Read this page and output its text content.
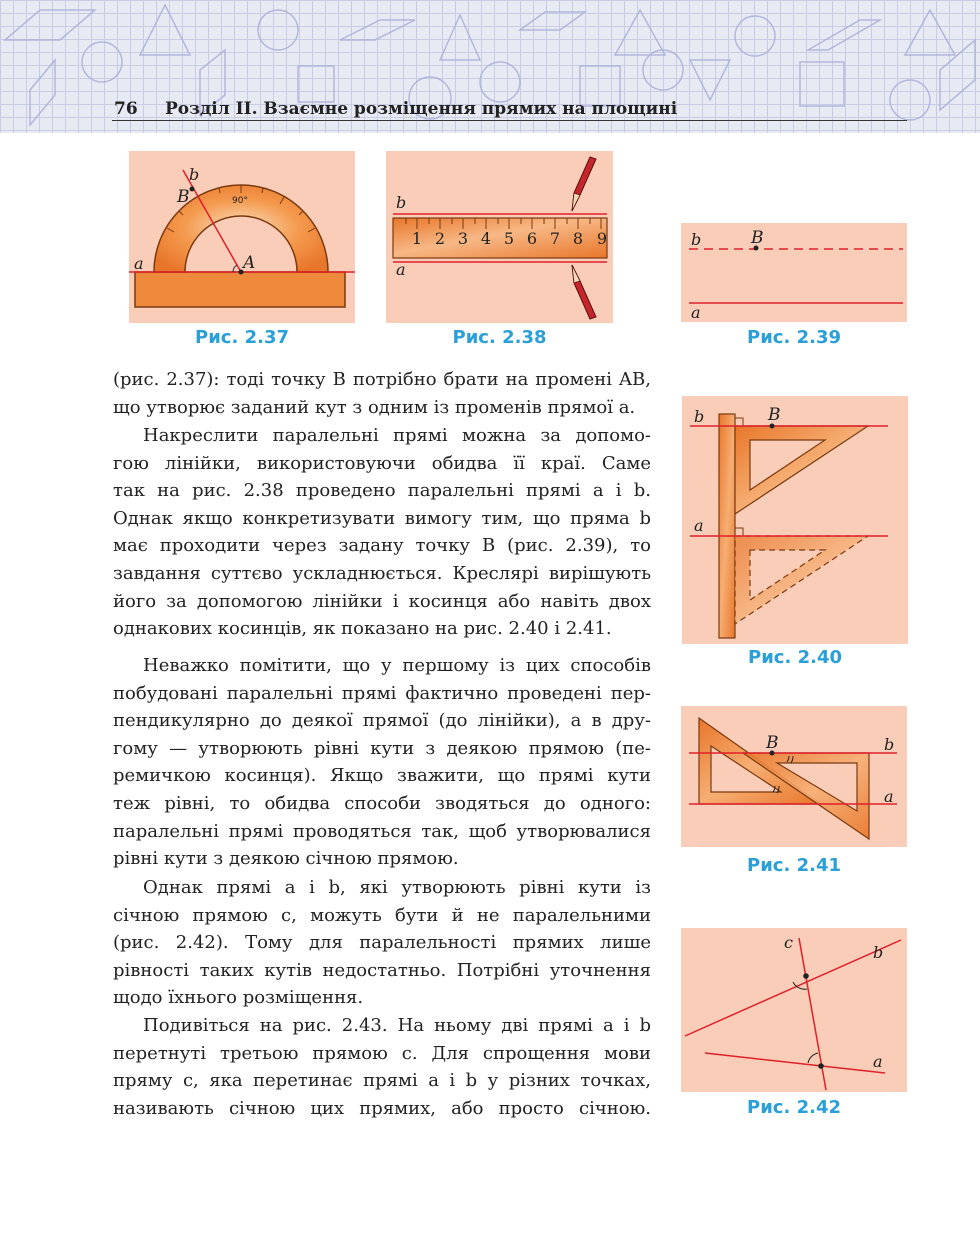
76 Розділ II. Взаємне розміщення прямих на площині
b
B	90°
A
a
Рис. 2.37
1 2 3 4 5 6 7 8 9
b
a
Рис. 2.38
b	B
a
Рис. 2.39
b	B
a
Рис. 2.40
B	b
a
Рис. 2.41
c
b
a
Рис. 2.42
(рис. 2.37): тоді точку B потрібно брати на промені AB,
що утворює заданий кут з одним із променів прямої a.
Накреслити паралельні прямі можна за допомо-
гою лінійки, використовуючи обидва її краї. Саме
так на рис. 2.38 проведено паралельні прямі a і b.
Однак якщо конкретизувати вимогу тим, що пряма b
має проходити через задану точку B (рис. 2.39), то
завдання суттєво ускладнюється. Креслярі вирішують
його за допомогою лінійки і косинця або навіть двох
однакових косинців, як показано на рис. 2.40 і 2.41.
Неважко помітити, що у першому із цих способів
побудовані паралельні прямі фактично проведені пер-
пендикулярно до деякої прямої (до лінійки), а в дру-
гому — утворюють рівні кути з деякою прямою (пе-
ремичкою косинця). Якщо зважити, що прямі кути
теж рівні, то обидва способи зводяться до одного:
паралельні прямі проводяться так, щоб утворювалися
рівні кути з деякою січною прямою.
Однак прямі a і b, які утворюють рівні кути із
січною прямою c, можуть бути й не паралельними
(рис. 2.42). Тому для паралельності прямих лише
рівності таких кутів недостатньо. Потрібні уточнення
щодо їхнього розміщення.
Подивіться на рис. 2.43. На ньому дві прямі a і b
перетнуті третьою прямою c. Для спрощення мови
пряму c, яка перетинає прямі a і b у різних точках,
називають січною цих прямих, або просто січною.
